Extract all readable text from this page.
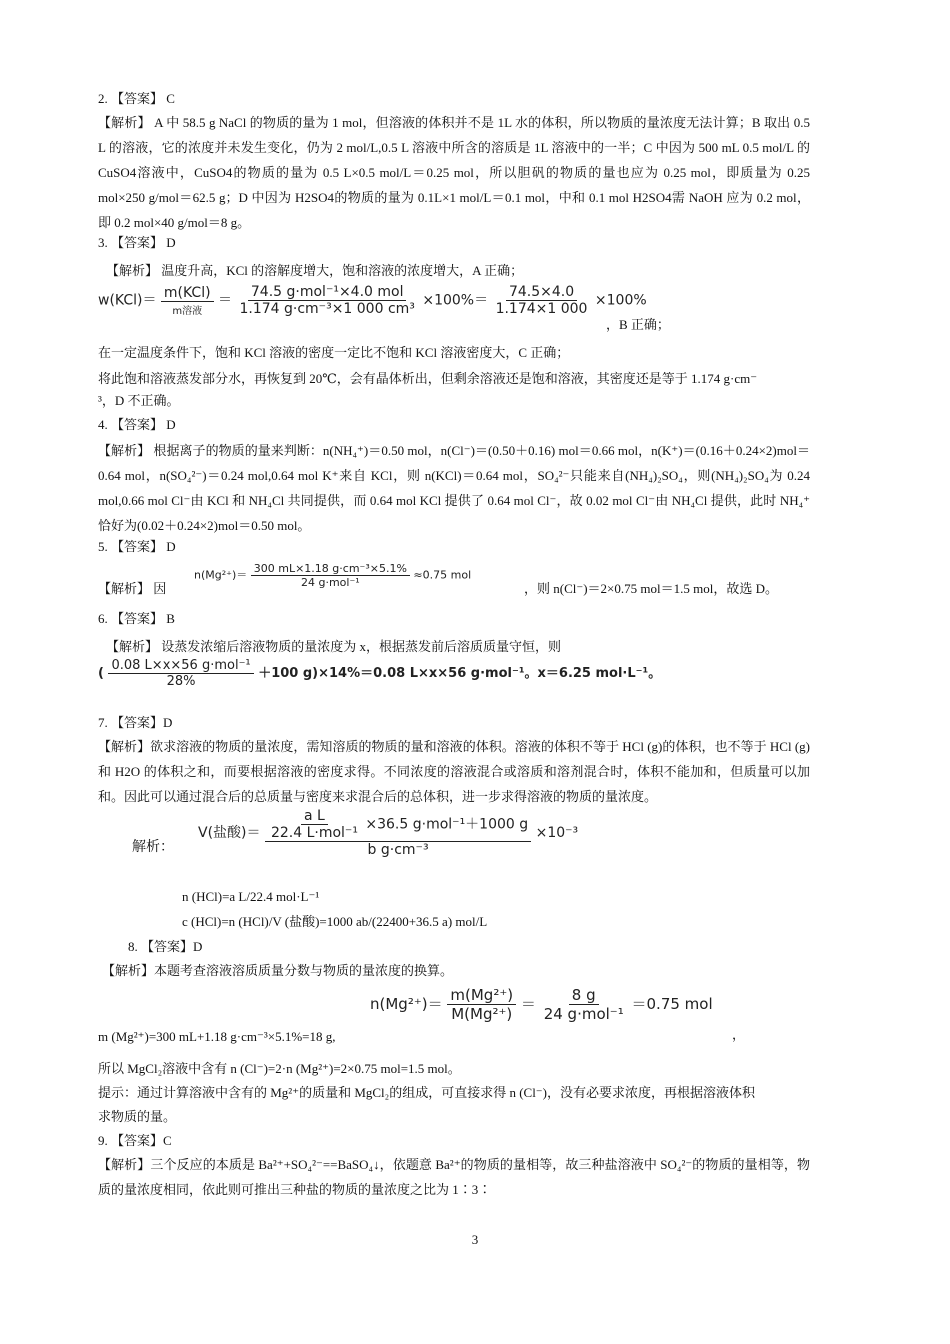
2. 【答案】 C
【解析】 A 中 58.5 g NaCl 的物质的量为 1 mol，但溶液的体积并不是 1L 水的体积，所以物质的量浓度无法计算；B 取出 0.5 L 的溶液，它的浓度并未发生变化，仍为 2 mol/L,0.5 L 溶液中所含的溶质是 1L 溶液中的一半；C 中因为 500 mL 0.5 mol/L 的 CuSO4溶液中，CuSO4的物质的量为 0.5 L×0.5 mol/L＝0.25 mol，所以胆矾的物质的量也应为 0.25 mol，即质量为 0.25 mol×250 g/mol＝62.5 g；D 中因为 H2SO4的物质的量为 0.1L×1 mol/L＝0.1 mol，中和 0.1 mol H2SO4需 NaOH 应为 0.2 mol，即 0.2 mol×40 g/mol＝8 g。
3. 【答案】 D
【解析】 温度升高，KCl 的溶解度增大，饱和溶液的浓度增大，A 正确；
$w(KCl)= \frac{\text{m(KCl)}}{\text{m溶液}} = \frac{\text{74.5 g·mol⁻¹×4.0 mol}}{\text{1.174 g·cm⁻³×1 000 cm³}} \times 100\%= \frac{74.5\times 4.0}{1.174\times 1 000} \times 100\%$
，B 正确；
在一定温度条件下，饱和 KCl 溶液的密度一定比不饱和 KCl 溶液密度大，C 正确；
将此饱和溶液蒸发部分水，再恢复到 20℃，会有晶体析出，但剩余溶液还是饱和溶液，其密度还是等于 1.174 g·cm⁻
³，D 不正确。
4. 【答案】 D
【解析】 根据离子的物质的量来判断：n(NH₄⁺)＝0.50 mol，n(Cl⁻)＝(0.50＋0.16) mol＝0.66 mol，n(K⁺)＝(0.16＋0.24×2)mol＝0.64 mol，n(SO₄²⁻)＝0.24 mol,0.64 mol K⁺来自 KCl，则 n(KCl)＝0.64 mol，SO₄²⁻只能来自(NH₄)₂SO₄，则(NH₄)₂SO₄为 0.24 mol,0.66 mol Cl⁻由 KCl 和 NH₄Cl 共同提供，而 0.64 mol KCl 提供了 0.64 mol Cl⁻，故 0.02 mol Cl⁻由 NH₄Cl 提供，此时 NH₄⁺恰好为(0.02＋0.24×2)mol＝0.50 mol。
5. 【答案】 D
【解析】 因
$n(Mg^{2+})= \frac{\text{300 mL×1.18 g·cm⁻³×5.1\%}}{\text{24 g·mol⁻¹}} \approx 0.75$ mol
，则 n(Cl⁻)＝2×0.75 mol＝1.5 mol，故选 D。
6. 【答案】 B
【解析】 设蒸发浓缩后溶液物质的量浓度为 x，根据蒸发前后溶质质量守恒，则
( $\frac{\text{0.08 L×x×56 g·mol⁻¹}}{28\%} +100$ g)×14%＝0.08 L×x×56 g·mol⁻¹。x＝6.25 mol·L⁻¹。
7. 【答案】D
【解析】欲求溶液的物质的量浓度，需知溶质的物质的量和溶液的体积。溶液的体积不等于 HCl (g)的体积，也不等于 HCl (g)和 H2O 的体积之和，而要根据溶液的密度求得。不同浓度的溶液混合或溶质和溶剂混合时，体积不能加和，但质量可以加和。因此可以通过混合后的总质量与密度来求混合后的总体积，进一步求得溶液的物质的量浓度。
解析：
V(盐酸)＝ $\frac{\text{a L}}{\text{22.4 L·mol⁻¹}} \times 36.5$ g·mol⁻¹＋1000 g
b g·cm⁻³
×10⁻³
n (HCl)=a L/22.4 mol·L⁻¹
c (HCl)=n (HCl)/V (盐酸)=1000 ab/(22400+36.5 a) mol/L
8. 【答案】D
【解析】本题考查溶液溶质质量分数与物质的量浓度的换算。
$n(Mg^{2+})= \frac{\text{m(Mg²⁺)}}{\text{M(Mg²⁺)}} = \frac{8 g}{\text{24 g·mol⁻¹}} =0.75$ mol
m (Mg²⁺)=300 mL+1.18 g·cm⁻³×5.1%=18 g,	，
所以 MgCl₂溶液中含有 n (Cl⁻)=2·n (Mg²⁺)=2×0.75 mol=1.5 mol。
提示：通过计算溶液中含有的 Mg²⁺的质量和 MgCl₂的组成，可直接求得 n (Cl⁻)，没有必要求浓度，再根据溶液体积
求物质的量。
9. 【答案】C
【解析】三个反应的本质是 Ba²⁺+SO₄²⁻==BaSO₄↓，依题意 Ba²⁺的物质的量相等，故三种盐溶液中 SO₄²⁻的物质的量相等，物质的量浓度相同，依此则可推出三种盐的物质的量浓度之比为 1∶3∶
3
